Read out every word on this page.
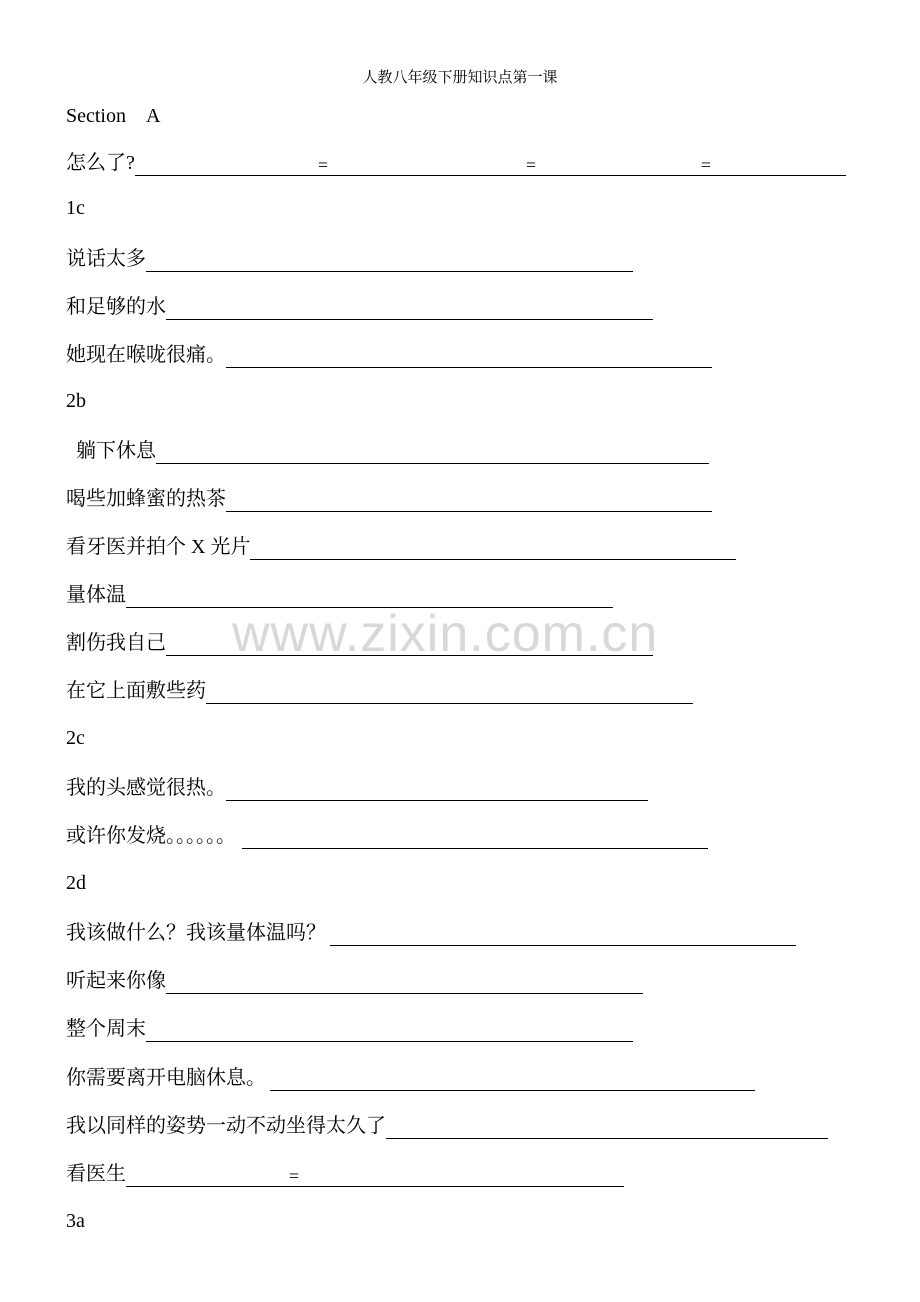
人教八年级下册知识点第一课
Section　A
怎么了?	=	=	=
1c
说话太多
和足够的水
她现在喉咙很痛。
2b
躺下休息
喝些加蜂蜜的热茶
看牙医并拍个 X 光片
量体温
割伤我自己
在它上面敷些药
2c
我的头感觉很热。
或许你发烧。。。。。。
2d
我该做什么？我该量体温吗？
听起来你像
整个周末
你需要离开电脑休息。
我以同样的姿势一动不动坐得太久了
看医生	=
3a
www.zixin.com.cn
